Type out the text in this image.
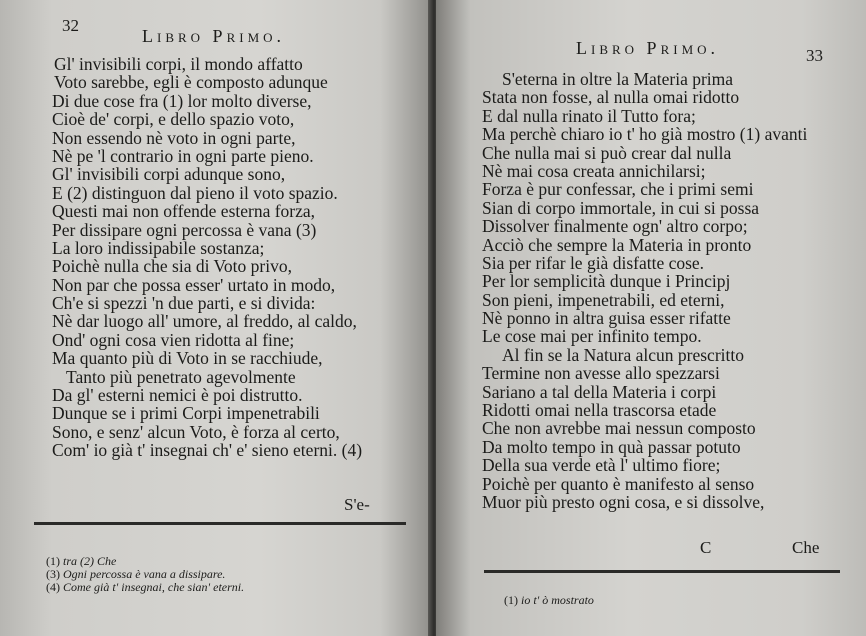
32
Libro Primo.
Gl' invisibili corpi, il mondo affatto
Voto sarebbe, egli è composto adunque
Di due cose fra (1) lor molto diverse,
Cioè de' corpi, e dello spazio voto,
Non essendo nè voto in ogni parte,
Nè pe 'l contrario in ogni parte pieno.
Gl' invisibili corpi adunque sono,
E (2) distinguon dal pieno il voto spazio.
Questi mai non offende esterna forza,
Per dissipare ogni percossa è vana (3)
La loro indissipabile sostanza;
Poichè nulla che sia di Voto privo,
Non par che possa esser' urtato in modo,
Ch'e si spezzi 'n due parti, e si divida:
Nè dar luogo all' umore, al freddo, al caldo,
Ond' ogni cosa vien ridotta al fine;
Ma quanto più di Voto in se racchiude,
Tanto più penetrato agevolmente
Da gl' esterni nemici è poi distrutto.
Dunque se i primi Corpi impenetrabili
Sono, e senz' alcun Voto, è forza al certo,
Com' io già t' insegnai ch' e' sieno eterni. (4)
S'e-
(1) tra (2) Che
(3) Ogni percossa è vana a dissipare.
(4) Come già t' insegnai, che sian' eterni.
Libro Primo.	33
S'eterna in oltre la Materia prima
Stata non fosse, al nulla omai ridotto
E dal nulla rinato il Tutto fora;
Ma perchè chiaro io t' ho già mostro (1) avanti
Che nulla mai si può crear dal nulla
Nè mai cosa creata annichilarsi;
Forza è pur confessar, che i primi semi
Sian di corpo immortale, in cui si possa
Dissolver finalmente ogn' altro corpo;
Acciò che sempre la Materia in pronto
Sia per rifar le già disfatte cose.
Per lor semplicità dunque i Principj
Son pieni, impenetrabili, ed eterni,
Nè ponno in altra guisa esser rifatte
Le cose mai per infinito tempo.
Al fin se la Natura alcun prescritto
Termine non avesse allo spezzarsi
Sariano a tal della Materia i corpi
Ridotti omai nella trascorsa etade
Che non avrebbe mai nessun composto
Da molto tempo in quà passar potuto
Della sua verde età l' ultimo fiore;
Poichè per quanto è manifesto al senso
Muor più presto ogni cosa, e si dissolve,
C	Che
(1) io t' ò mostrato
